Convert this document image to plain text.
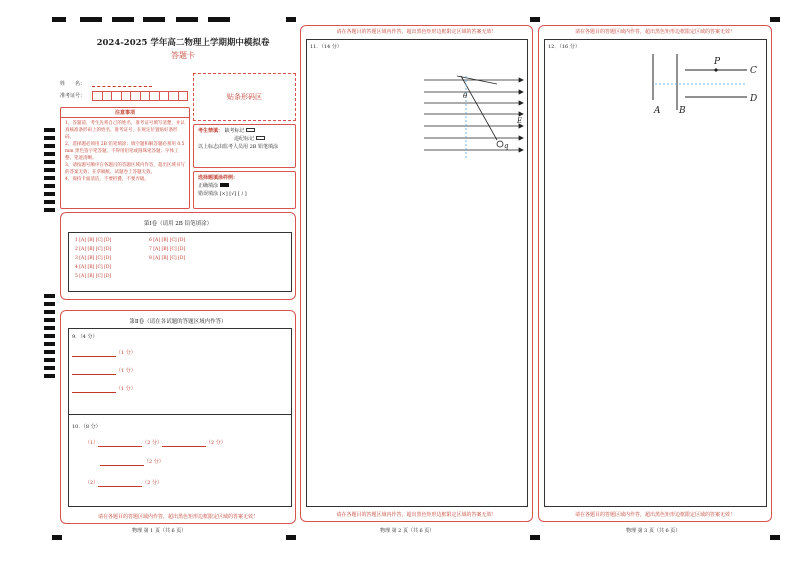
2024-2025 学年高二物理上学期期中模拟卷
答题卡
姓　　名：
准考证号：	贴条形码区
注意事项
1、答题前，考生先将自己的姓名，准考证号填写清楚，并认真核准条形码上的姓名、准考证号，在规定位置贴好条形码。
2、选择题必须用 2B 铅笔填涂；填空题和解答题必须用 0.5 mm 黑色签字笔答题，不得用铅笔或圆珠笔答题；字体工整、笔迹清晰。
3、请按题号顺序在各题目的答题区域内作答，超出区域书写的答案无效；在草稿纸、试题卷上答题无效。
4、保持卡面清洁，不要折叠、不要弄破。
考生禁填： 缺考标记
违纪标记
以上标志由监考人员用 2B 铅笔填涂
选择题填涂样例：
正确填涂
错误填涂 [×] [√] [ / ]
第Ⅰ卷（请用 2B 铅笔填涂）
1 [A] [B] [C] [D]
2 [A] [B] [C] [D]
3 [A] [B] [C] [D]
4 [A] [B] [C] [D]
5 [A] [B] [C] [D]
6 [A] [B] [C] [D]
7 [A] [B] [C] [D]
8 [A] [B] [C] [D]
第Ⅱ卷（请在各试题的答题区域内作答）
9．（4 分）
（1 分）
（1 分）
（1 分）
10．（8 分）
（1）	（2 分）	（2 分）
（2 分）
（2）	（2 分）
请在各题目的答题区域内作答，超出黑色矩形边框限定区域的答案无效！
物理 第 1 页（共 6 页）
请在各题目的答题区域内作答，超出黑色矩形边框限定区域的答案无效！
11．（14 分）
θ
E
q
请在各题目的答题区域内作答，超出黑色矩形边框限定区域的答案无效！
物理 第 2 页（共 6 页）
请在各题目的答题区域内作答，超出黑色矩形边框限定区域的答案无效！
12．（16 分）
P
C
D
A B
请在各题目的答题区域内作答，超出黑色矩形边框限定区域的答案无效！
物理 第 3 页（共 6 页）
